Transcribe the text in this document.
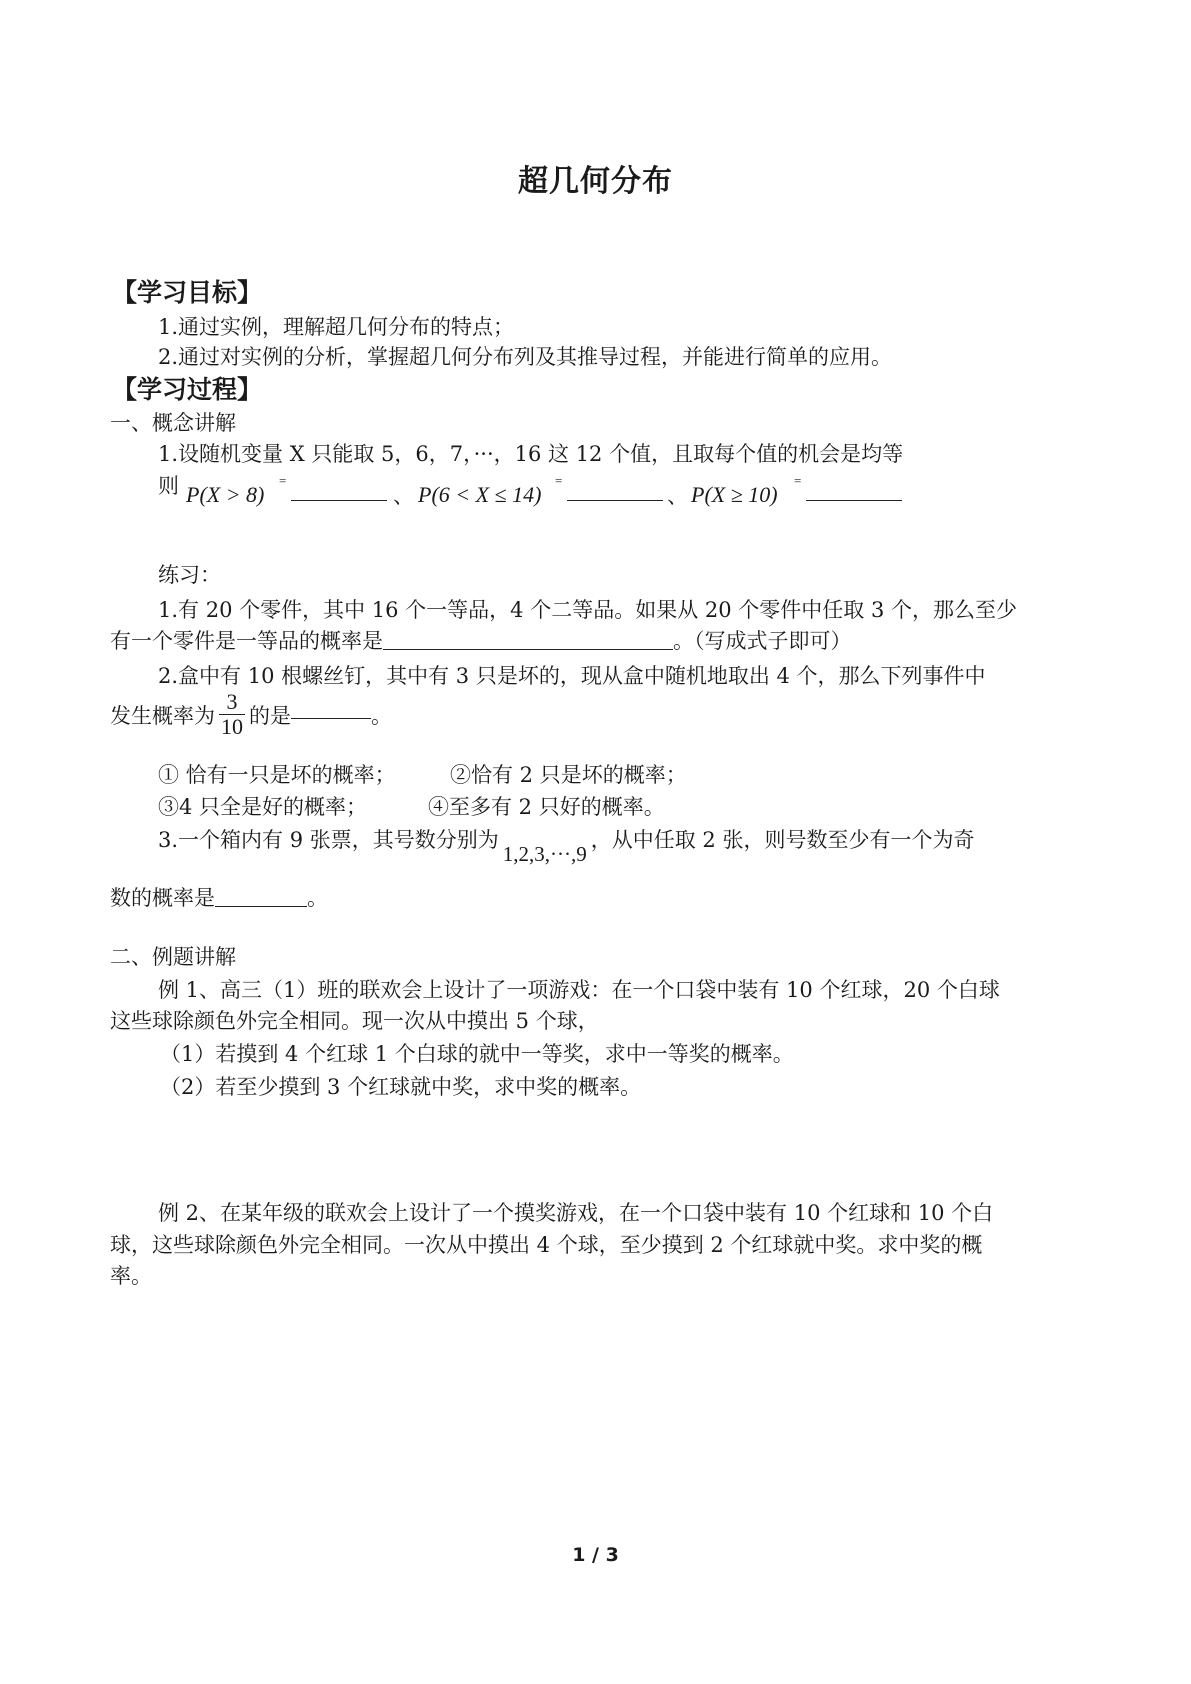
超几何分布
【学习目标】
1.通过实例，理解超几何分布的特点；
2.通过对实例的分析，掌握超几何分布列及其推导过程，并能进行简单的应用。
【学习过程】
一、概念讲解
1.设随机变量 X 只能取 5，6，7，···，16 这 12 个值，且取每个值的机会是均等
则 P(X > 8)
=
、 P(6 < X ≤ 14)
=
、 P(X ≥ 10)
=
练习：
1.有 20 个零件，其中 16 个一等品，4 个二等品。如果从 20 个零件中任取 3 个，那么至少
有一个零件是一等品的概率是	。（写成式子即可）
2.盒中有 10 根螺丝钉，其中有 3 只是坏的，现从盒中随机地取出 4 个，那么下列事件中
发生概率为 $\frac{3}{10}$ 的是	。
① 恰有一只是坏的概率；	②恰有 2 只是坏的概率；
③4 只全是好的概率；	④至多有 2 只好的概率。
3.一个箱内有 9 张票，其号数分别为1,2,3,···,9，从中任取 2 张，则号数至少有一个为奇
数的概率是	。
二、例题讲解
例 1、高三（1）班的联欢会上设计了一项游戏：在一个口袋中装有 10 个红球，20 个白球
这些球除颜色外完全相同。现一次从中摸出 5 个球，
（1）若摸到 4 个红球 1 个白球的就中一等奖，求中一等奖的概率。
（2）若至少摸到 3 个红球就中奖，求中奖的概率。
例 2、在某年级的联欢会上设计了一个摸奖游戏，在一个口袋中装有 10 个红球和 10 个白
球，这些球除颜色外完全相同。一次从中摸出 4 个球，至少摸到 2 个红球就中奖。求中奖的概
率。
1 / 3
